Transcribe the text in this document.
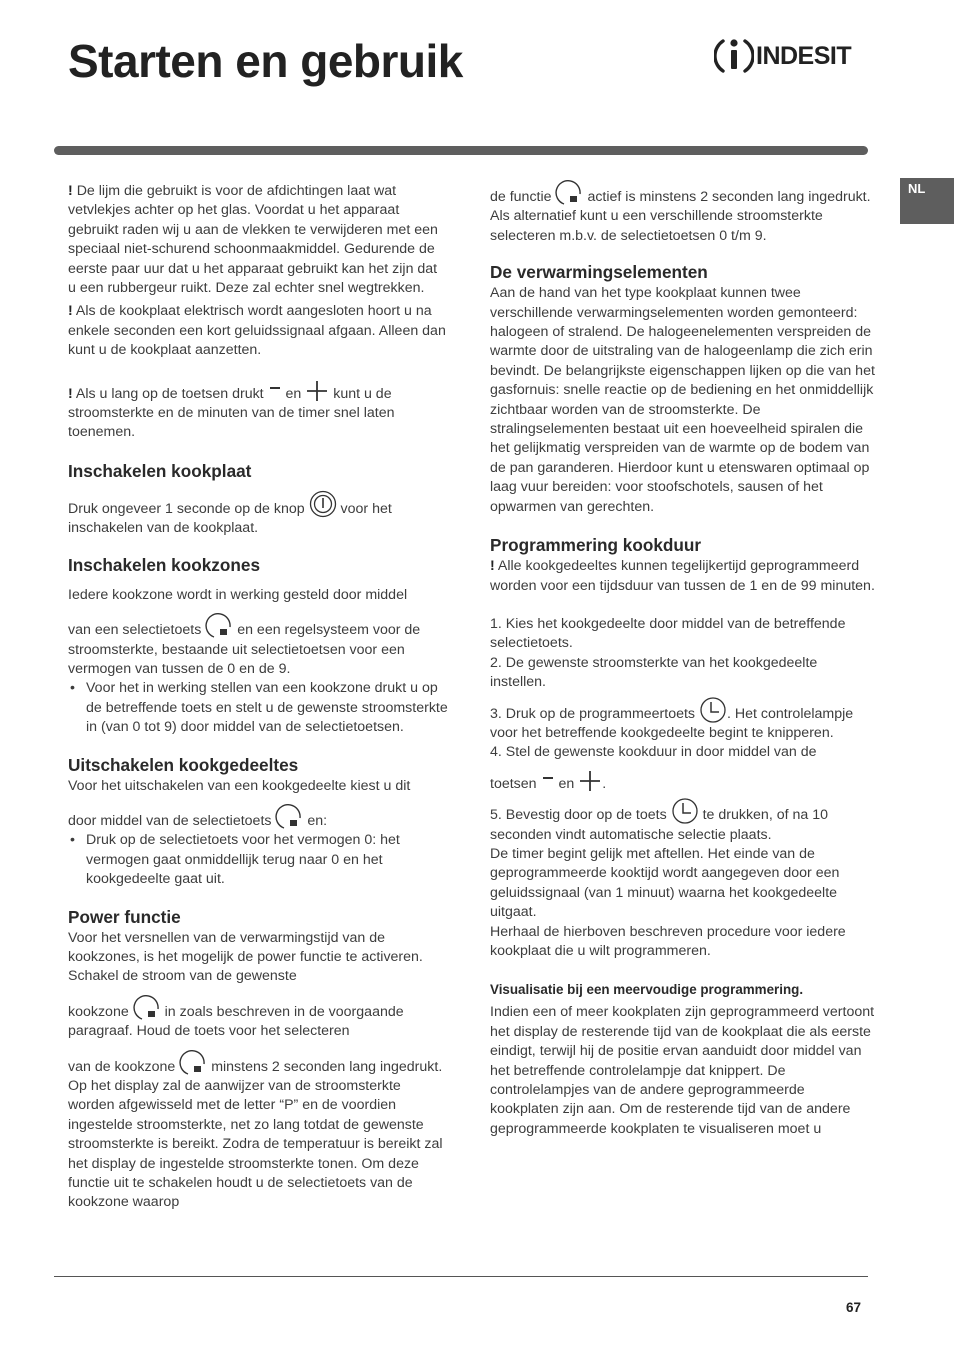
Starten en gebruik	INDESIT
NL

! De lijm die gebruikt is voor de afdichtingen laat wat vetvlekjes achter op het glas. Voordat u het apparaat gebruikt raden wij u aan de vlekken te verwijderen met een speciaal niet-schurend schoonmaakmiddel. Gedurende de eerste paar uur dat u het apparaat gebruikt kan het zijn dat u een rubbergeur ruikt. Deze zal echter snel wegtrekken.

! Als de kookplaat elektrisch wordt aangesloten hoort u na enkele seconden een kort geluidssignaal afgaan. Alleen dan kunt u de kookplaat aanzetten.

! Als u lang op de toetsen drukt en kunt u de stroomsterkte en de minuten van de timer snel laten toenemen.

Inschakelen kookplaat

Druk ongeveer 1 seconde op de knop	voor het inschakelen van de kookplaat.

Inschakelen kookzones

Iedere kookzone wordt in werking gesteld door middel

van een selectietoets	en een regelsysteem voor de stroomsterkte, bestaande uit selectietoetsen voor een vermogen van tussen de 0 en de 9.

• Voor het in werking stellen van een kookzone drukt u op de betreffende toets en stelt u de gewenste stroomsterkte in (van 0 tot 9) door middel van de selectietoetsen.
Uitschakelen kookgedeeltes

Voor het uitschakelen van een kookgedeelte kiest u dit

door middel van de selectietoets	en:

• Druk op de selectietoets voor het vermogen 0: het vermogen gaat onmiddellijk terug naar 0 en het kookgedeelte gaat uit.
Power functie

Voor het versnellen van de verwarmingstijd van de kookzones, is het mogelijk de power functie te activeren. Schakel de stroom van de gewenste

kookzone	in zoals beschreven in de voorgaande paragraaf. Houd de toets voor het selecteren

van de kookzone	minstens 2 seconden lang ingedrukt. Op het display zal de aanwijzer van de stroomsterkte worden afgewisseld met de letter “P” en de voordien ingestelde stroomsterkte, net zo lang totdat de gewenste stroomsterkte is bereikt. Zodra de temperatuur is bereikt zal het display de ingestelde stroomsterkte tonen. Om deze functie uit te schakelen houdt u de selectietoets van de kookzone waarop

de functie	actief is minstens 2 seconden lang ingedrukt. Als alternatief kunt u een verschillende stroomsterkte selecteren m.b.v. de selectietoetsen 0 t/m 9.

De verwarmingselementen

Aan de hand van het type kookplaat kunnen twee verschillende verwarmingselementen worden gemonteerd: halogeen of stralend. De halogeenelementen verspreiden de warmte door de uitstraling van de halogeenlamp die zich erin bevindt. De belangrijkste eigenschappen lijken op die van het gasfornuis: snelle reactie op de bediening en het onmiddellijk zichtbaar worden van de stroomsterkte. De stralingselementen bestaat uit een hoeveelheid spiralen die het gelijkmatig verspreiden van de warmte op de bodem van de pan garanderen. Hierdoor kunt u etenswaren optimaal op laag vuur bereiden: voor stoofschotels, sausen of het opwarmen van gerechten.

Programmering kookduur

! Alle kookgedeeltes kunnen tegelijkertijd geprogrammeerd worden voor een tijdsduur van tussen de 1 en de 99 minuten.

1. Kies het kookgedeelte door middel van de betreffende selectietoets.

2. De gewenste stroomsterkte van het kookgedeelte instellen.

3. Druk op de programmeertoets . Het controlelampje voor het betreffende kookgedeelte begint te knipperen.

4. Stel de gewenste kookduur in door middel van de

toetsen en .

5. Bevestig door op de toets	te drukken, of na 10 seconden vindt automatische selectie plaats.

De timer begint gelijk met aftellen. Het einde van de geprogrammeerde kooktijd wordt aangegeven door een geluidssignaal (van 1 minuut) waarna het kookgedeelte uitgaat.

Herhaal de hierboven beschreven procedure voor iedere kookplaat die u wilt programmeren.

Visualisatie bij een meervoudige programmering.

Indien een of meer kookplaten zijn geprogrammeerd vertoont het display de resterende tijd van de kookplaat die als eerste eindigt, terwijl hij de positie ervan aanduidt door middel van het betreffende controlelampje dat knippert. De controlelampjes van de andere geprogrammeerde kookplaten zijn aan. Om de resterende tijd van de andere geprogrammeerde kookplaten te visualiseren moet u

67
